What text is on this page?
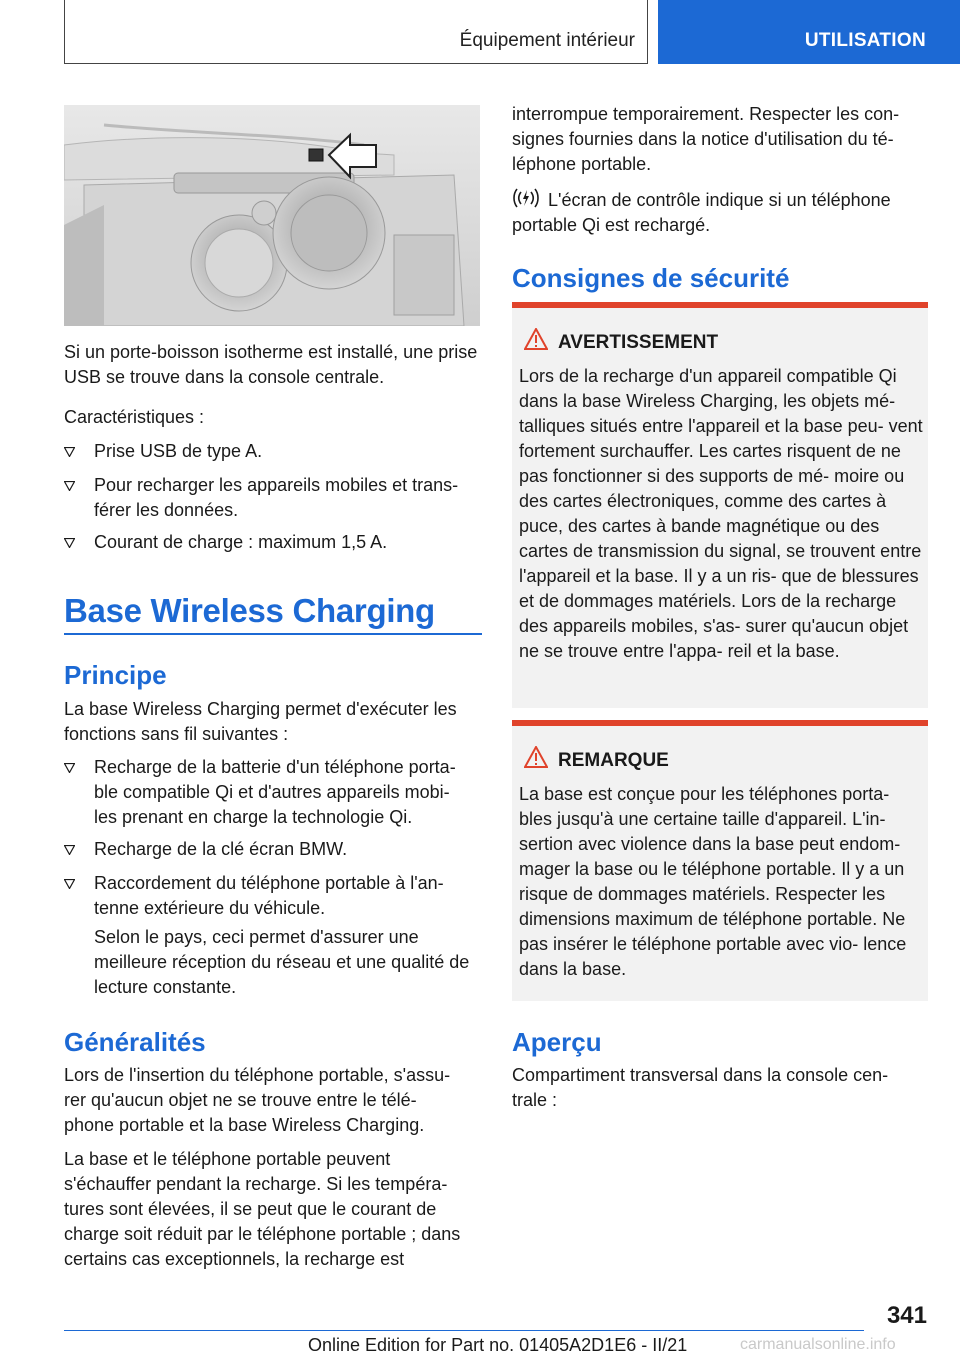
Équipement intérieur	UTILISATION

Si un porte-boisson isotherme est installé, une prise USB se trouve dans la console centrale.

Caractéristiques :

Prise USB de type A.
Pour recharger les appareils mobiles et trans-
férer les données.
Courant de charge : maximum 1,5 A.
Base Wireless Charging
Principe

La base Wireless Charging permet d'exécuter les fonctions sans fil suivantes :

Recharge de la batterie d'un téléphone porta-
ble compatible Qi et d'autres appareils mobi-
les prenant en charge la technologie Qi.
Recharge de la clé écran BMW.
Raccordement du téléphone portable à l'an-
tenne extérieure du véhicule.

Selon le pays, ceci permet d'assurer une meilleure réception du réseau et une qualité de lecture constante.

Généralités

Lors de l'insertion du téléphone portable, s'assu-
rer qu'aucun objet ne se trouve entre le télé-
phone portable et la base Wireless Charging.

La base et le téléphone portable peuvent s'échauffer pendant la recharge. Si les tempéra- tures sont élevées, il se peut que le courant de charge soit réduit par le téléphone portable ; dans certains cas exceptionnels, la recharge est

interrompue temporairement. Respecter les con-
signes fournies dans la notice d'utilisation du té-
léphone portable.

L'écran de contrôle indique si un téléphone portable Qi est rechargé.

Consignes de sécurité
AVERTISSEMENT

Lors de la recharge d'un appareil compatible Qi dans la base Wireless Charging, les objets mé- talliques situés entre l'appareil et la base peu- vent fortement surchauffer. Les cartes risquent de ne pas fonctionner si des supports de mé- moire ou des cartes électroniques, comme des cartes à puce, des cartes à bande magnétique ou des cartes de transmission du signal, se trouvent entre l'appareil et la base. Il y a un ris- que de blessures et de dommages matériels. Lors de la recharge des appareils mobiles, s'as- surer qu'aucun objet ne se trouve entre l'appa- reil et la base.

REMARQUE

La base est conçue pour les téléphones porta- bles jusqu'à une certaine taille d'appareil. L'in- sertion avec violence dans la base peut endom- mager la base ou le téléphone portable. Il y a un risque de dommages matériels. Respecter les dimensions maximum de téléphone portable. Ne pas insérer le téléphone portable avec vio- lence dans la base.

Aperçu

Compartiment transversal dans la console cen-
trale :

341
Online Edition for Part no. 01405A2D1E6 - II/21	carmanualsonline.info
